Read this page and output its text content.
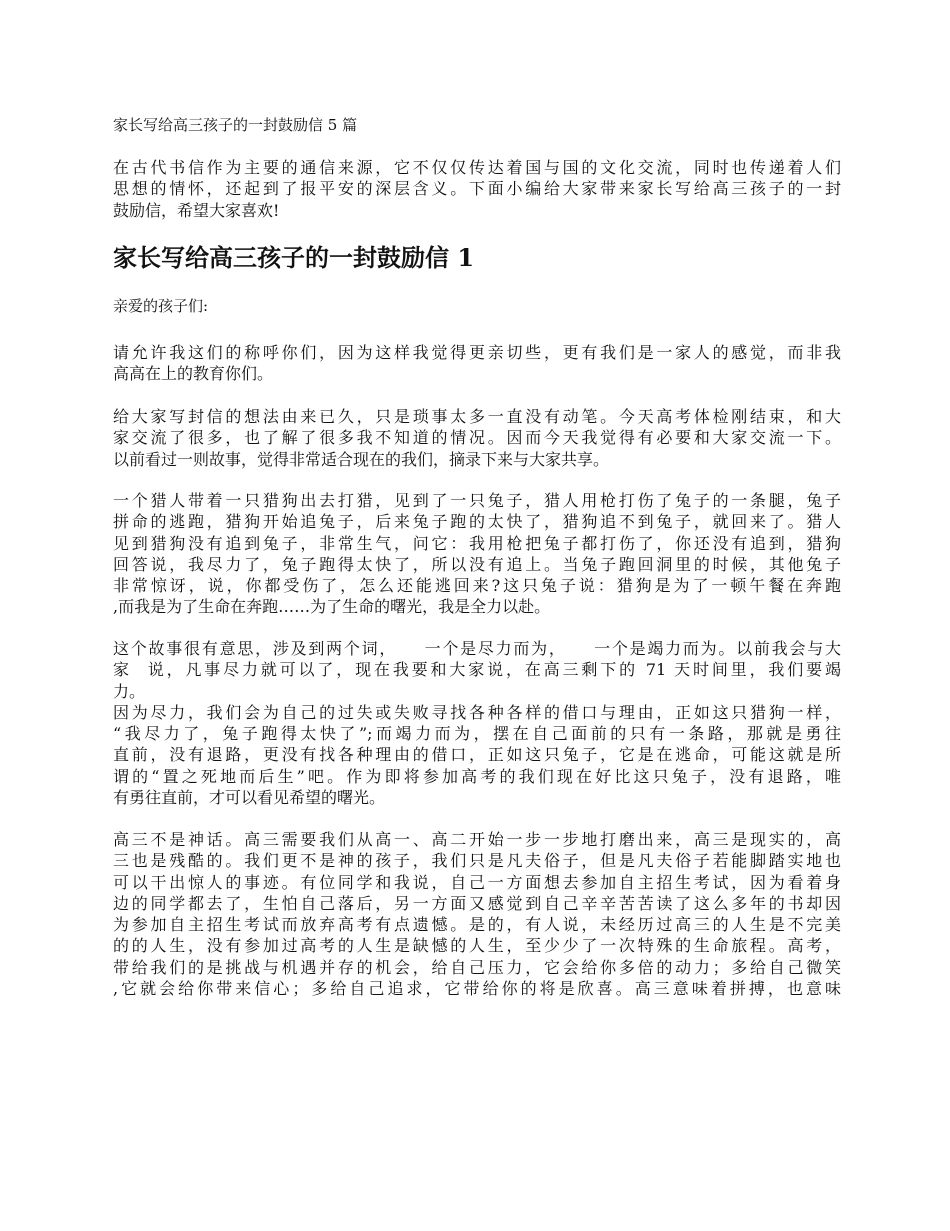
家长写给高三孩子的一封鼓励信 5 篇
在古代书信作为主要的通信来源，它不仅仅传达着国与国的文化交流，同时也传递着人们
思想的情怀，还起到了报平安的深层含义。下面小编给大家带来家长写给高三孩子的一封
鼓励信，希望大家喜欢!
家长写给高三孩子的一封鼓励信 1
亲爱的孩子们:
请允许我这们的称呼你们，因为这样我觉得更亲切些，更有我们是一家人的感觉，而非我
高高在上的教育你们。
给大家写封信的想法由来已久，只是琐事太多一直没有动笔。今天高考体检刚结束，和大
家交流了很多，也了解了很多我不知道的情况。因而今天我觉得有必要和大家交流一下。
以前看过一则故事，觉得非常适合现在的我们，摘录下来与大家共享。
一个猎人带着一只猎狗出去打猎，见到了一只兔子，猎人用枪打伤了兔子的一条腿，兔子
拼命的逃跑，猎狗开始追兔子，后来兔子跑的太快了，猎狗追不到兔子，就回来了。猎人
见到猎狗没有追到兔子，非常生气，问它：我用枪把兔子都打伤了，你还没有追到，猎狗
回答说，我尽力了，兔子跑得太快了，所以没有追上。当兔子跑回洞里的时候，其他兔子
非常惊讶，说，你都受伤了，怎么还能逃回来?这只兔子说：猎狗是为了一顿午餐在奔跑
,而我是为了生命在奔跑……为了生命的曙光，我是全力以赴。
这个故事很有意思，涉及到两个词，    一个是尽力而为，    一个是竭力而为。以前我会与大
家  说，凡事尽力就可以了，现在我要和大家说，在高三剩下的 71 天时间里，我们要竭
力。
因为尽力，我们会为自己的过失或失败寻找各种各样的借口与理由，正如这只猎狗一样，
“我尽力了，兔子跑得太快了”;而竭力而为，摆在自己面前的只有一条路，那就是勇往
直前，没有退路，更没有找各种理由的借口，正如这只兔子，它是在逃命，可能这就是所
谓的“置之死地而后生”吧。作为即将参加高考的我们现在好比这只兔子，没有退路，唯
有勇往直前，才可以看见希望的曙光。
高三不是神话。高三需要我们从高一、高二开始一步一步地打磨出来，高三是现实的，高
三也是残酷的。我们更不是神的孩子，我们只是凡夫俗子，但是凡夫俗子若能脚踏实地也
可以干出惊人的事迹。有位同学和我说，自己一方面想去参加自主招生考试，因为看着身
边的同学都去了，生怕自己落后，另一方面又感觉到自己辛辛苦苦读了这么多年的书却因
为参加自主招生考试而放弃高考有点遗憾。是的，有人说，未经历过高三的人生是不完美
的的人生，没有参加过高考的人生是缺憾的人生，至少少了一次特殊的生命旅程。高考，
带给我们的是挑战与机遇并存的机会，给自己压力，它会给你多倍的动力；多给自己微笑
,它就会给你带来信心；多给自己追求，它带给你的将是欣喜。高三意味着拼搏，也意味
